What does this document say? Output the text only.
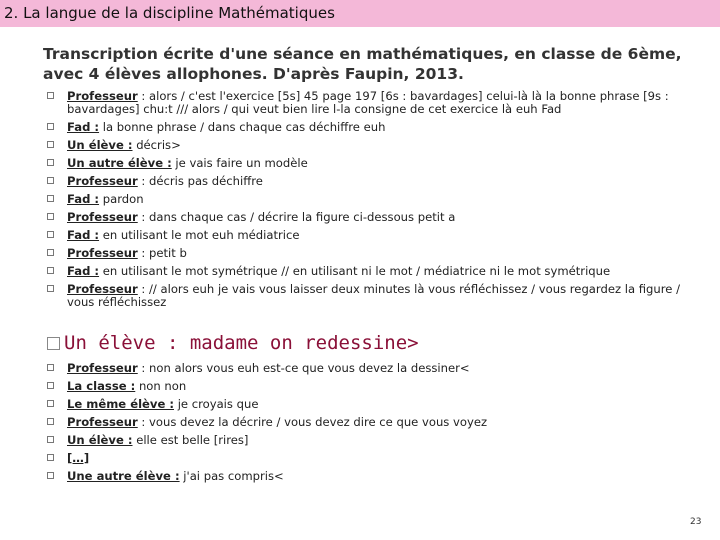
2. La langue de la discipline Mathématiques
Transcription écrite d'une séance en mathématiques, en classe de 6ème, avec 4 élèves allophones. D'après Faupin, 2013.
Professeur : alors / c'est l'exercice [5s] 45 page 197 [6s : bavardages] celui-là là la bonne phrase [9s : bavardages] chu:t /// alors / qui veut bien lire l-la consigne de cet exercice là euh Fad
Fad : la bonne phrase / dans chaque cas déchiffre euh
Un élève : décris>
Un autre élève : je vais faire un modèle
Professeur : décris pas déchiffre
Fad : pardon
Professeur : dans chaque cas / décrire la figure ci-dessous petit a
Fad : en utilisant le mot euh médiatrice
Professeur : petit b
Fad : en utilisant le mot symétrique // en utilisant ni le mot / médiatrice ni le mot symétrique
Professeur : // alors euh je vais vous laisser deux minutes là vous réfléchissez / vous regardez la figure / vous réfléchissez
Un élève : madame on redessine>
Professeur : non alors vous euh est-ce que vous devez la dessiner<
La classe : non non
Le même élève : je croyais que
Professeur : vous devez la décrire / vous devez dire ce que vous voyez
Un élève : elle est belle [rires]
[…]
Une autre élève : j'ai pas compris<
23
